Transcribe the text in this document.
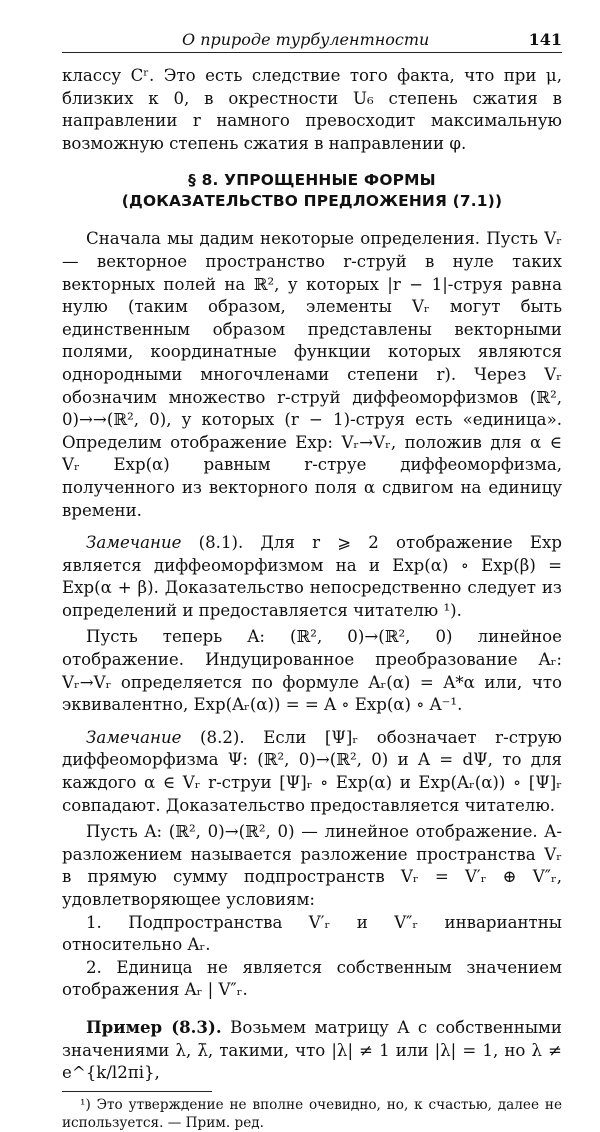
О природе турбулентности	141

классу Cʳ. Это есть следствие того факта, что при μ, близких к 0, в окрестности U₆ степень сжатия в направлении r намного превосходит максимальную возможную степень сжатия в направлении φ.

§ 8. УПРОЩЕННЫЕ ФОРМЫ
(ДОКАЗАТЕЛЬСТВО ПРЕДЛОЖЕНИЯ (7.1))

Сначала мы дадим некоторые определения. Пусть Vᵣ — векторное пространство r-струй в нуле таких векторных полей на ℝ², у которых |r − 1|-струя равна нулю (таким образом, элементы Vᵣ могут быть единственным образом представлены векторными полями, координатные функции которых являются однородными многочленами степени r). Через Vᵣ обозначим множество r-струй диффеоморфизмов (ℝ², 0)→→(ℝ², 0), у которых (r − 1)-струя есть «единица». Определим отображение Exp: Vᵣ→Vᵣ, положив для α ∈ Vᵣ Exp(α) равным r-струе диффеоморфизма, полученного из векторного поля α сдвигом на единицу времени.

Замечание (8.1). Для r ⩾ 2 отображение Exp является диффеоморфизмом на и Exp(α) ∘ Exp(β) = Exp(α + β). Доказательство непосредственно следует из определений и предоставляется читателю ¹).

Пусть теперь A: (ℝ², 0)→(ℝ², 0) линейное отображение. Индуцированное преобразование Aᵣ: Vᵣ→Vᵣ определяется по формуле Aᵣ(α) = A*α или, что эквивалентно, Exp(Aᵣ(α)) = = A ∘ Exp(α) ∘ A⁻¹.

Замечание (8.2). Если [Ψ]ᵣ обозначает r-струю диффеоморфизма Ψ: (ℝ², 0)→(ℝ², 0) и A = dΨ, то для каждого α ∈ Vᵣ r-струи [Ψ]ᵣ ∘ Exp(α) и Exp(Aᵣ(α)) ∘ [Ψ]ᵣ совпадают. Доказательство предоставляется читателю.

Пусть A: (ℝ², 0)→(ℝ², 0) — линейное отображение. A-разложением называется разложение пространства Vᵣ в прямую сумму подпространств Vᵣ = V′ᵣ ⊕ V″ᵣ, удовлетворяющее условиям:

1. Подпространства V′ᵣ и V″ᵣ инвариантны относительно Aᵣ.

2. Единица не является собственным значением отображения Aᵣ | V″ᵣ.

Пример (8.3). Возьмем матрицу A с собственными значениями λ, λ̄, такими, что |λ| ≠ 1 или |λ| = 1, но λ ≠ e^{k/l2πi},

¹) Это утверждение не вполне очевидно, но, к счастью, далее не используется. — Прим. ред.
